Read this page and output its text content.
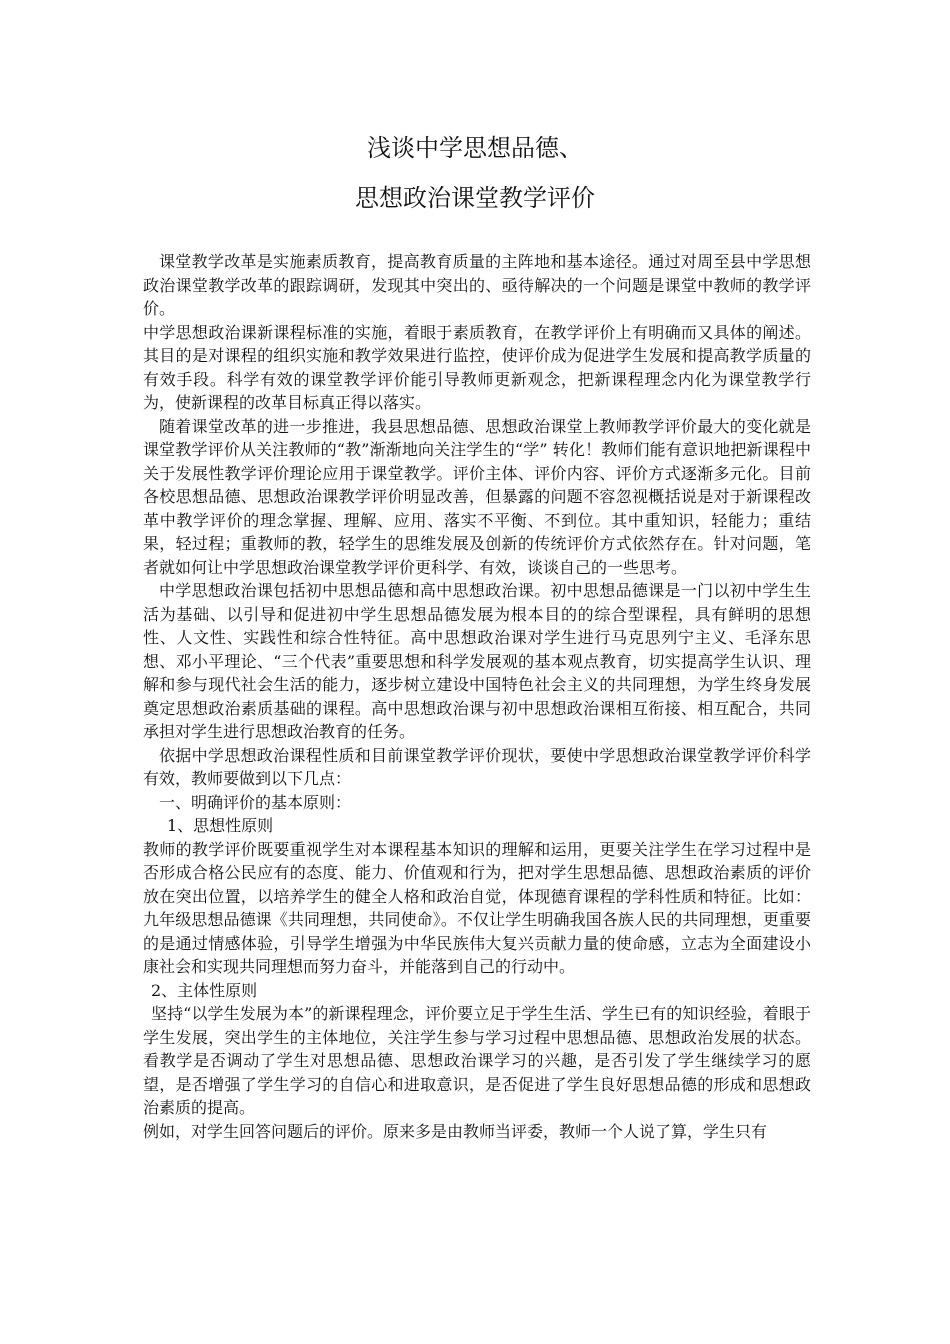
浅谈中学思想品德、
思想政治课堂教学评价

课堂教学改革是实施素质教育，提高教育质量的主阵地和基本途径。通过对周至县中学思想政治课堂教学改革的跟踪调研，发现其中突出的、亟待解决的一个问题是课堂中教师的教学评价。

中学思想政治课新课程标准的实施，着眼于素质教育，在教学评价上有明确而又具体的阐述。其目的是对课程的组织实施和教学效果进行监控，使评价成为促进学生发展和提高教学质量的有效手段。科学有效的课堂教学评价能引导教师更新观念，把新课程理念内化为课堂教学行为，使新课程的改革目标真正得以落实。

随着课堂改革的进一步推进，我县思想品德、思想政治课堂上教师教学评价最大的变化就是课堂教学评价从关注教师的“教”渐渐地向关注学生的“学” 转化！教师们能有意识地把新课程中关于发展性教学评价理论应用于课堂教学。评价主体、评价内容、评价方式逐渐多元化。目前各校思想品德、思想政治课教学评价明显改善，但暴露的问题不容忽视概括说是对于新课程改革中教学评价的理念掌握、理解、应用、落实不平衡、不到位。其中重知识，轻能力；重结果，轻过程；重教师的教，轻学生的思维发展及创新的传统评价方式依然存在。针对问题，笔者就如何让中学思想政治课堂教学评价更科学、有效，谈谈自己的一些思考。

中学思想政治课包括初中思想品德和高中思想政治课。初中思想品德课是一门以初中学生生活为基础、以引导和促进初中学生思想品德发展为根本目的的综合型课程，具有鲜明的思想性、人文性、实践性和综合性特征。高中思想政治课对学生进行马克思列宁主义、毛泽东思想、邓小平理论、“三个代表”重要思想和科学发展观的基本观点教育，切实提高学生认识、理解和参与现代社会生活的能力，逐步树立建设中国特色社会主义的共同理想，为学生终身发展奠定思想政治素质基础的课程。高中思想政治课与初中思想政治课相互衔接、相互配合，共同承担对学生进行思想政治教育的任务。

依据中学思想政治课程性质和目前课堂教学评价现状，要使中学思想政治课堂教学评价科学有效，教师要做到以下几点：

一、明确评价的基本原则：

1、思想性原则

教师的教学评价既要重视学生对本课程基本知识的理解和运用，更要关注学生在学习过程中是否形成合格公民应有的态度、能力、价值观和行为，把对学生思想品德、思想政治素质的评价放在突出位置，以培养学生的健全人格和政治自觉，体现德育课程的学科性质和特征。比如：九年级思想品德课《共同理想，共同使命》。不仅让学生明确我国各族人民的共同理想，更重要的是通过情感体验，引导学生增强为中华民族伟大复兴贡献力量的使命感，立志为全面建设小康社会和实现共同理想而努力奋斗，并能落到自己的行动中。

2、主体性原则

坚持“以学生发展为本”的新课程理念，评价要立足于学生生活、学生已有的知识经验，着眼于学生发展，突出学生的主体地位，关注学生参与学习过程中思想品德、思想政治发展的状态。看教学是否调动了学生对思想品德、思想政治课学习的兴趣，是否引发了学生继续学习的愿望，是否增强了学生学习的自信心和进取意识，是否促进了学生良好思想品德的形成和思想政治素质的提高。

例如，对学生回答问题后的评价。原来多是由教师当评委，教师一个人说了算，学生只有
